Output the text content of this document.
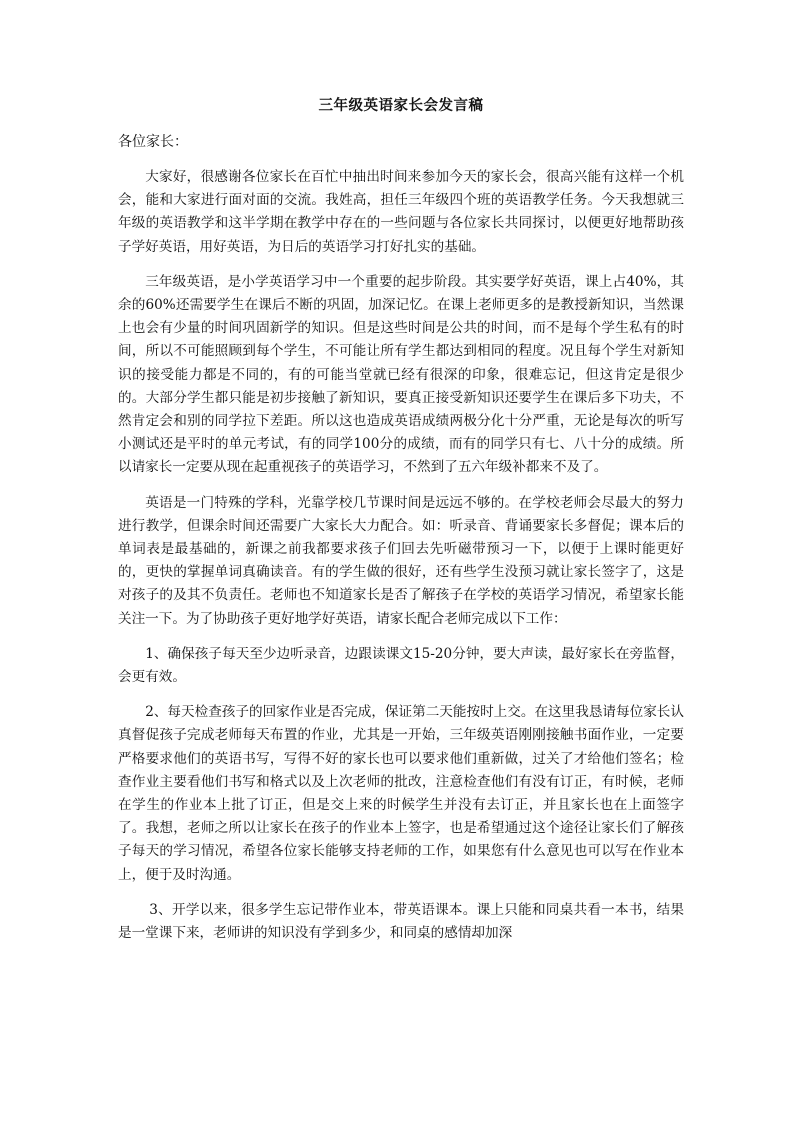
三年级英语家长会发言稿
各位家长：

大家好，很感谢各位家长在百忙中抽出时间来参加今天的家长会，很高兴能有这样一个机会，能和大家进行面对面的交流。我姓高，担任三年级四个班的英语教学任务。今天我想就三年级的英语教学和这半学期在教学中存在的一些问题与各位家长共同探讨，以便更好地帮助孩子学好英语，用好英语，为日后的英语学习打好扎实的基础。

三年级英语，是小学英语学习中一个重要的起步阶段。其实要学好英语，课上占40%，其余的60%还需要学生在课后不断的巩固，加深记忆。在课上老师更多的是教授新知识，当然课上也会有少量的时间巩固新学的知识。但是这些时间是公共的时间，而不是每个学生私有的时间，所以不可能照顾到每个学生，不可能让所有学生都达到相同的程度。况且每个学生对新知识的接受能力都是不同的，有的可能当堂就已经有很深的印象，很难忘记，但这肯定是很少的。大部分学生都只能是初步接触了新知识，要真正接受新知识还要学生在课后多下功夫，不然肯定会和别的同学拉下差距。所以这也造成英语成绩两极分化十分严重，无论是每次的听写小测试还是平时的单元考试，有的同学100分的成绩，而有的同学只有七、八十分的成绩。所以请家长一定要从现在起重视孩子的英语学习，不然到了五六年级补都来不及了。

英语是一门特殊的学科，光靠学校几节课时间是远远不够的。在学校老师会尽最大的努力进行教学，但课余时间还需要广大家长大力配合。如：听录音、背诵要家长多督促；课本后的单词表是最基础的，新课之前我都要求孩子们回去先听磁带预习一下，以便于上课时能更好的，更快的掌握单词真确读音。有的学生做的很好，还有些学生没预习就让家长签字了，这是对孩子的及其不负责任。老师也不知道家长是否了解孩子在学校的英语学习情况，希望家长能关注一下。为了协助孩子更好地学好英语，请家长配合老师完成以下工作：

1、确保孩子每天至少边听录音，边跟读课文15-20分钟，要大声读，最好家长在旁监督，会更有效。

2、每天检查孩子的回家作业是否完成，保证第二天能按时上交。在这里我恳请每位家长认真督促孩子完成老师每天布置的作业，尤其是一开始，三年级英语刚刚接触书面作业，一定要严格要求他们的英语书写，写得不好的家长也可以要求他们重新做，过关了才给他们签名；检查作业主要看他们书写和格式以及上次老师的批改，注意检查他们有没有订正，有时候，老师在学生的作业本上批了订正，但是交上来的时候学生并没有去订正，并且家长也在上面签字了。我想，老师之所以让家长在孩子的作业本上签字，也是希望通过这个途径让家长们了解孩子每天的学习情况，希望各位家长能够支持老师的工作，如果您有什么意见也可以写在作业本上，便于及时沟通。

3、开学以来，很多学生忘记带作业本，带英语课本。课上只能和同桌共看一本书，结果是一堂课下来，老师讲的知识没有学到多少，和同桌的感情却加深
